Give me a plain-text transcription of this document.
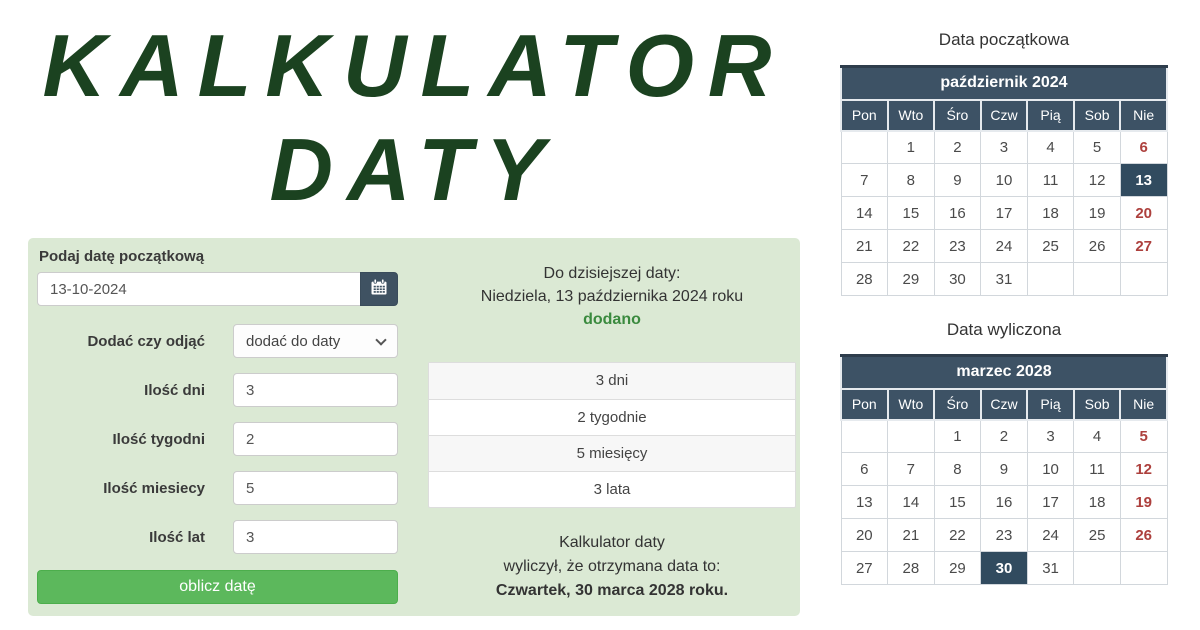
KALKULATOR
DATY
Podaj datę początkową
13-10-2024
Dodać czy odjąć
dodać do daty
Ilość dni
3
Ilość tygodni
2
Ilość miesiecy
5
Ilość lat
3
oblicz datę

Do dzisiejszej daty:

Niedziela, 13 października 2024 roku

dodano

3 dni
2 tygodnie
5 miesięcy
3 lata

Kalkulator daty

wyliczył, że otrzymana data to:

Czwartek, 30 marca 2028 roku.

Data początkowa
październik 2024						
Pon	Wto	Śro	Czw	Pią	Sob	Nie
	1	2	3	4	5	6
7	8	9	10	11	12	13
14	15	16	17	18	19	20
21	22	23	24	25	26	27
28	29	30	31			
Data wyliczona
marzec 2028						
Pon	Wto	Śro	Czw	Pią	Sob	Nie
		1	2	3	4	5
6	7	8	9	10	11	12
13	14	15	16	17	18	19
20	21	22	23	24	25	26
27	28	29	30	31		
